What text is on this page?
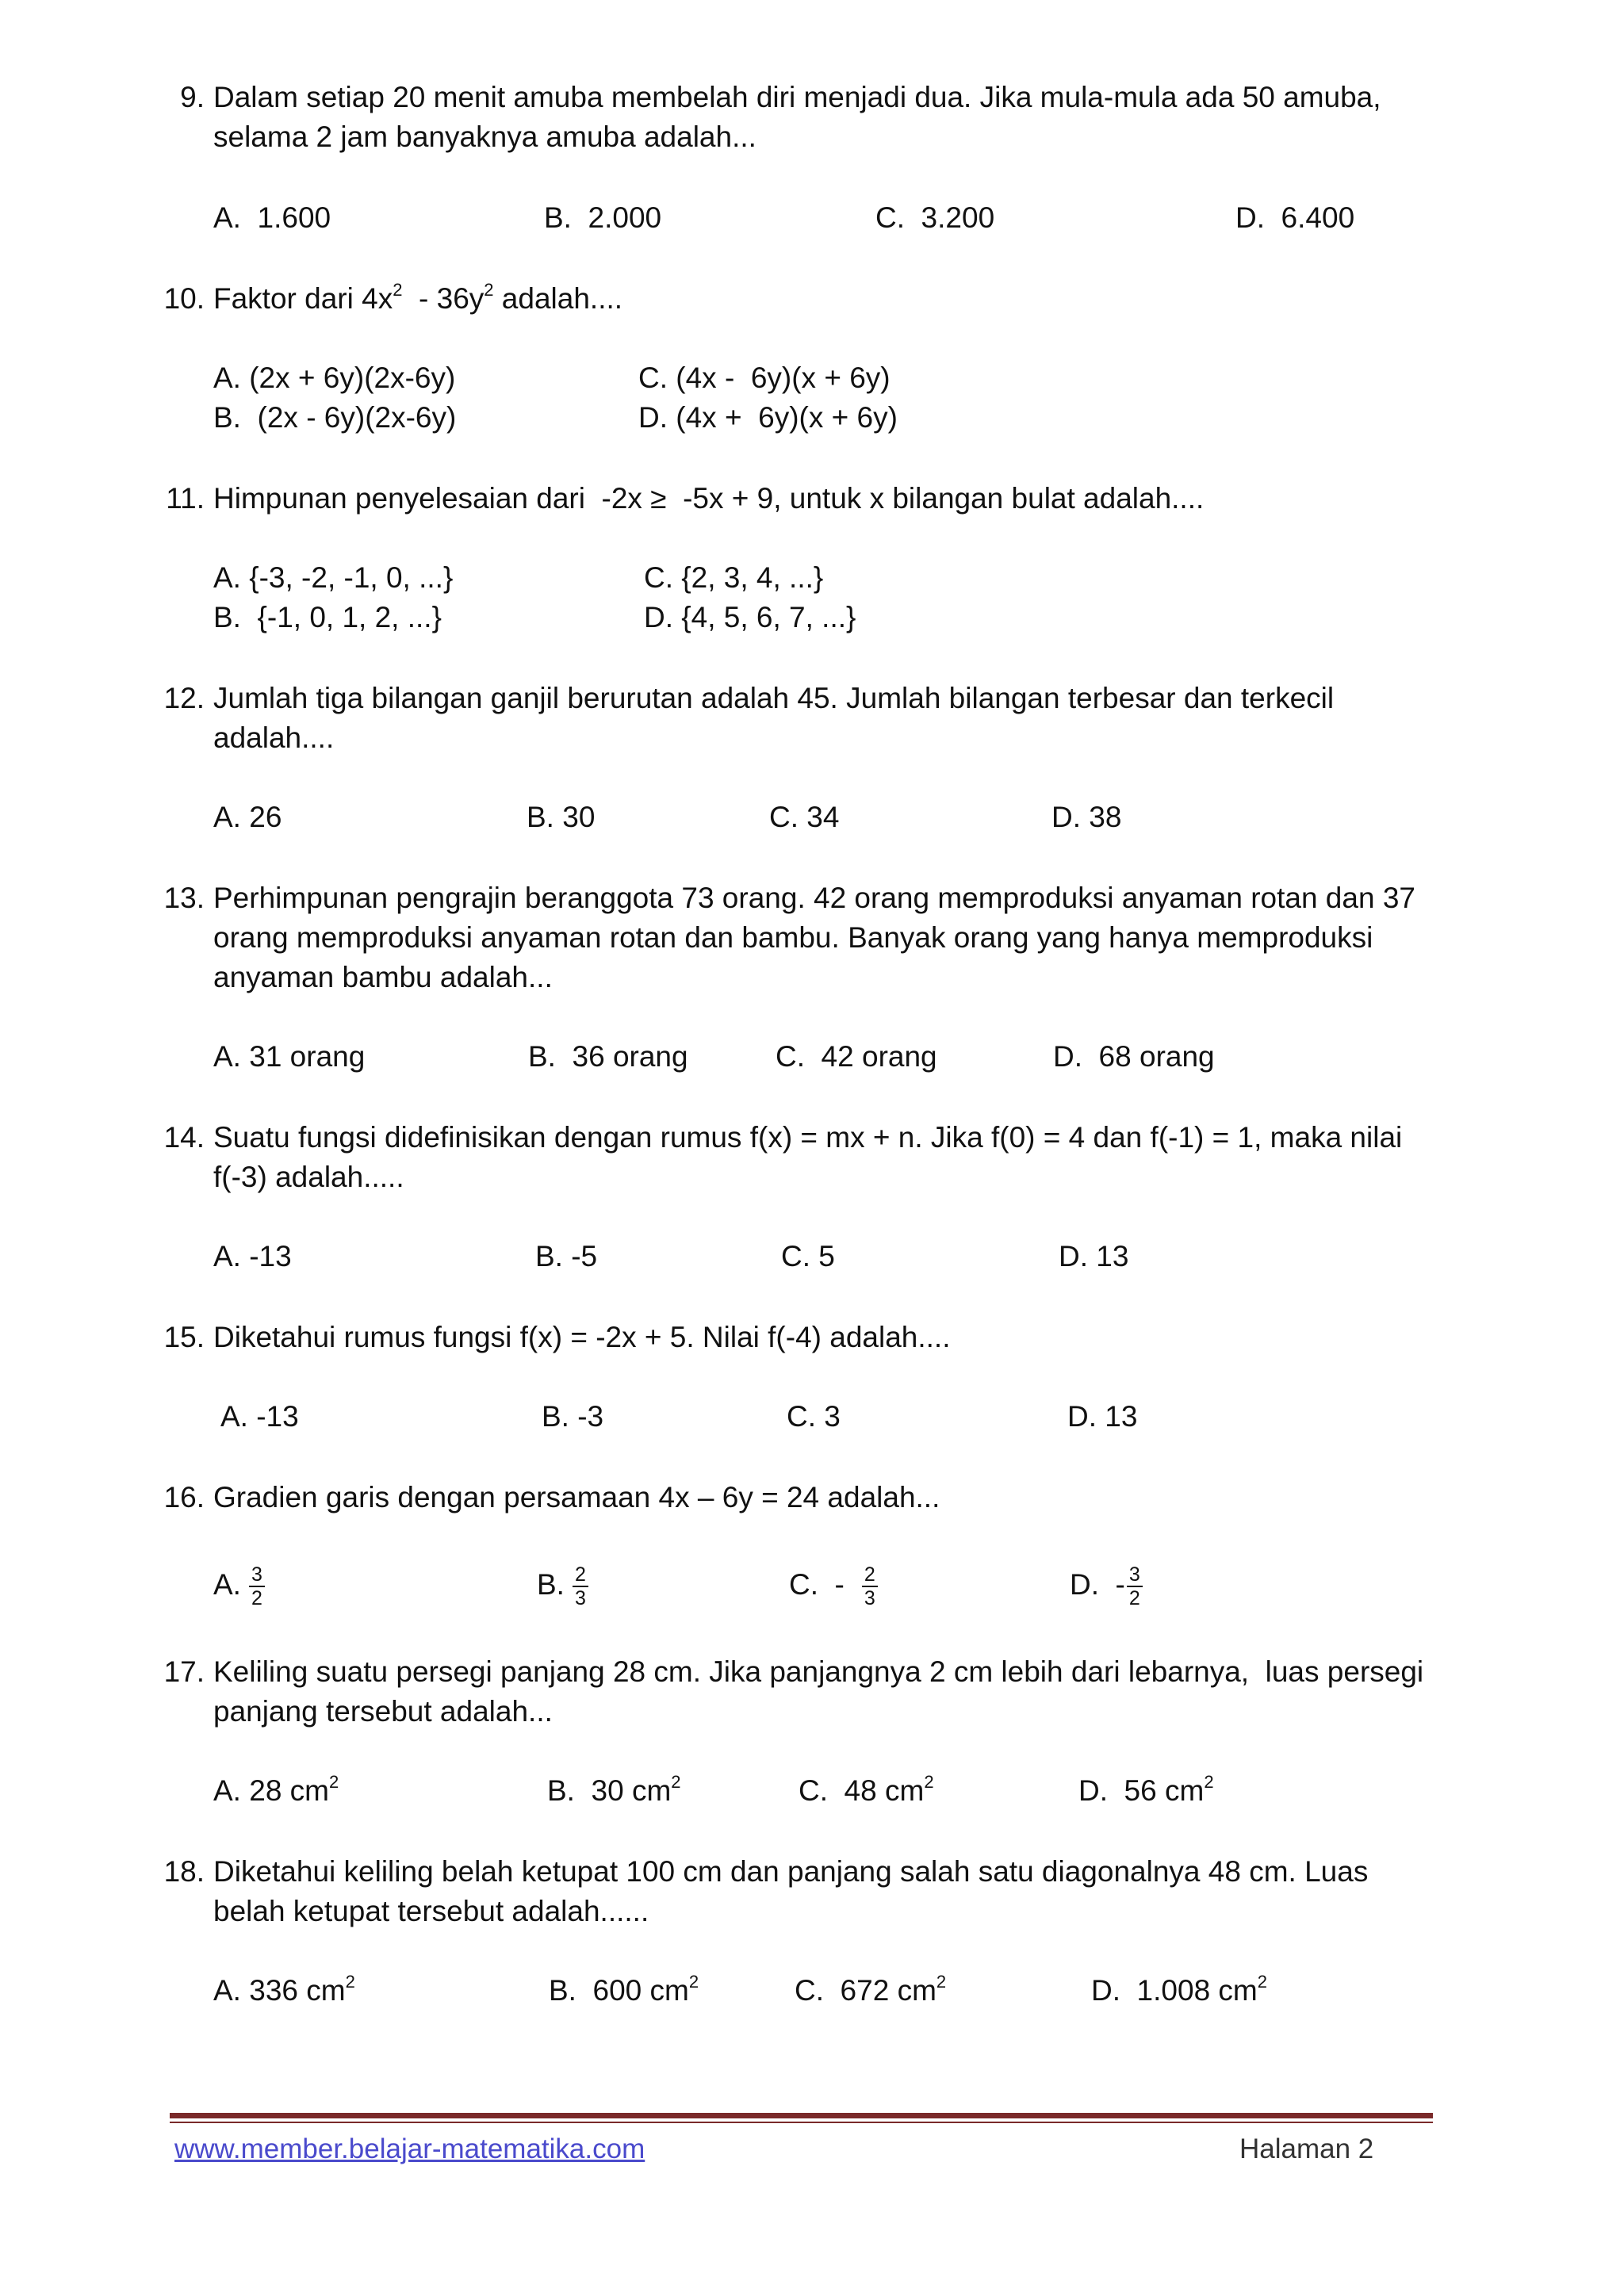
9. Dalam setiap 20 menit amuba membelah diri menjadi dua. Jika mula-mula ada 50 amuba,
selama 2 jam banyaknya amuba adalah...
A.  1.600	B.  2.000	C.  3.200	D.  6.400
10. Faktor dari $4x^2 - 36y^2$ adalah....
A. (2x + 6y)(2x-6y)
B.  (2x - 6y)(2x-6y)
C. (4x -  6y)(x + 6y)
D. (4x +  6y)(x + 6y)
11. Himpunan penyelesaian dari  -2x ≥  -5x + 9, untuk x bilangan bulat adalah....
A. {-3, -2, -1, 0, ...}
B.  {-1, 0, 1, 2, ...}
C. {2, 3, 4, ...}
D. {4, 5, 6, 7, ...}
12. Jumlah tiga bilangan ganjil berurutan adalah 45. Jumlah bilangan terbesar dan terkecil
adalah....
A. 26	B. 30	C. 34	D. 38
13. Perhimpunan pengrajin beranggota 73 orang. 42 orang memproduksi anyaman rotan dan 37
orang memproduksi anyaman rotan dan bambu. Banyak orang yang hanya memproduksi
anyaman bambu adalah...
A. 31 orang	B.  36 orang	C.  42 orang	D.  68 orang
14. Suatu fungsi didefinisikan dengan rumus f(x) = mx + n. Jika f(0) = 4 dan f(-1) = 1, maka nilai
f(-3) adalah.....
A. -13	B. -5	C. 5	D. 13
15. Diketahui rumus fungsi f(x) = -2x + 5. Nilai f(-4) adalah....
A. -13	B. -3	C. 3	D. 13
16. Gradien garis dengan persamaan 4x – 6y = 24 adalah...
A. $\frac{3}{2}$	B. $\frac{2}{3}$	C.  - $\frac{2}{3}$	D.  - $\frac{3}{2}$
17. Keliling suatu persegi panjang 28 cm. Jika panjangnya 2 cm lebih dari lebarnya,  luas persegi
panjang tersebut adalah...
A. 28 $cm^2$	B.  30 $cm^2$	C.  48 $cm^2$	D.  56 $cm^2$
18. Diketahui keliling belah ketupat 100 cm dan panjang salah satu diagonalnya 48 cm. Luas
belah ketupat tersebut adalah......
A. 336 $cm^2$	B.  600 $cm^2$	C.  672 $cm^2$	D.  1.008 $cm^2$
www.member.belajar-matematika.com	Halaman 2
